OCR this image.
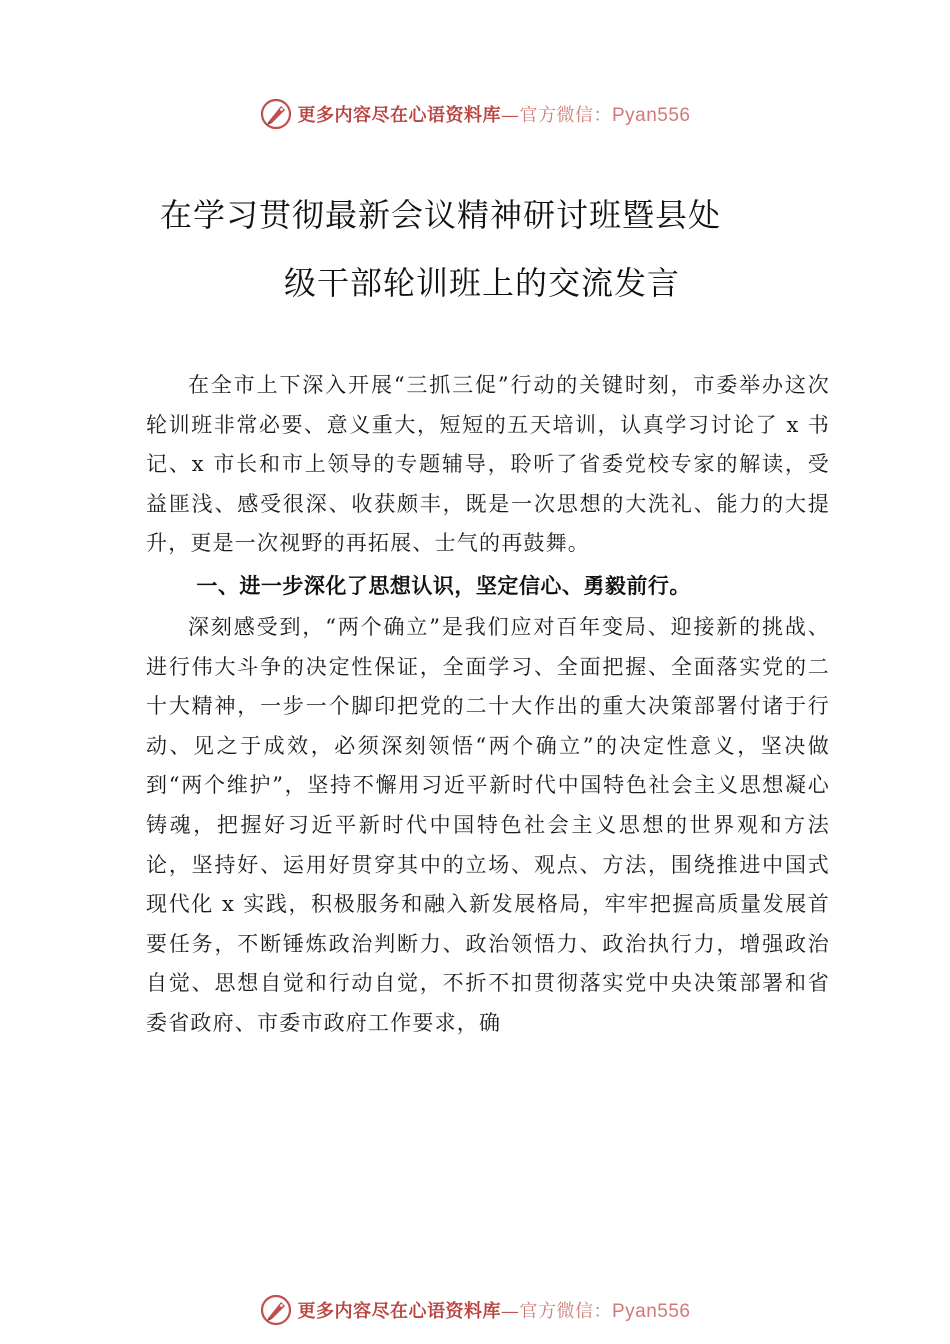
更多内容尽在心语资料库—官方微信：Pyan556
在学习贯彻最新会议精神研讨班暨县处
级干部轮训班上的交流发言

在全市上下深入开展“三抓三促”行动的关键时刻，市委举办这次轮训班非常必要、意义重大，短短的五天培训，认真学习讨论了 x 书记、x 市长和市上领导的专题辅导，聆听了省委党校专家的解读，受益匪浅、感受很深、收获颇丰，既是一次思想的大洗礼、能力的大提升，更是一次视野的再拓展、士气的再鼓舞。

一、进一步深化了思想认识，坚定信心、勇毅前行。

深刻感受到，“两个确立”是我们应对百年变局、迎接新的挑战、进行伟大斗争的决定性保证，全面学习、全面把握、全面落实党的二十大精神，一步一个脚印把党的二十大作出的重大决策部署付诸于行动、见之于成效，必须深刻领悟“两个确立”的决定性意义，坚决做到“两个维护”，坚持不懈用习近平新时代中国特色社会主义思想凝心铸魂，把握好习近平新时代中国特色社会主义思想的世界观和方法论，坚持好、运用好贯穿其中的立场、观点、方法，围绕推进中国式现代化 x 实践，积极服务和融入新发展格局，牢牢把握高质量发展首要任务，不断锤炼政治判断力、政治领悟力、政治执行力，增强政治自觉、思想自觉和行动自觉，不折不扣贯彻落实党中央决策部署和省委省政府、市委市政府工作要求，确

更多内容尽在心语资料库—官方微信：Pyan556
